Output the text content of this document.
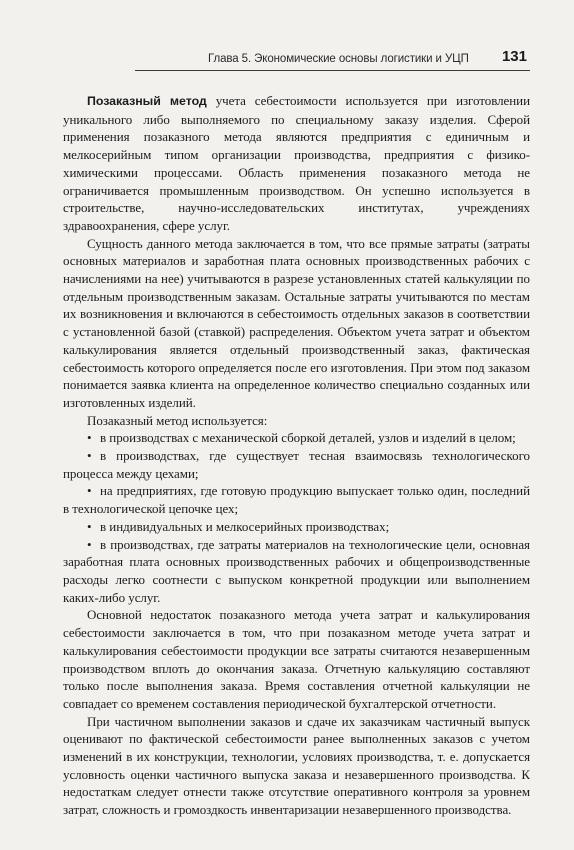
Глава 5. Экономические основы логистики и УЦП 131

Позаказный метод учета себестоимости используется при изготовлении уникального либо выполняемого по специальному заказу изделия. Сферой применения позаказного метода являются предприятия с единичным и мелкосерийным типом организации производства, предприятия с физико-химическими процессами. Область применения позаказного метода не ограничивается промышленным производством. Он успешно используется в строительстве, научно-исследовательских институтах, учреждениях здравоохранения, сфере услуг.

Сущность данного метода заключается в том, что все прямые затраты (затраты основных материалов и заработная плата основных производственных рабочих с начислениями на нее) учитываются в разрезе установленных статей калькуляции по отдельным производственным заказам. Остальные затраты учитываются по местам их возникновения и включаются в себестоимость отдельных заказов в соответствии с установленной базой (ставкой) распределения. Объектом учета затрат и объектом калькулирования является отдельный производственный заказ, фактическая себестоимость которого определяется после его изготовления. При этом под заказом понимается заявка клиента на определенное количество специально созданных или изготовленных изделий.

Позаказный метод используется:

• в производствах с механической сборкой деталей, узлов и изделий в целом;
• в производствах, где существует тесная взаимосвязь технологического процесса между цехами;
• на предприятиях, где готовую продукцию выпускает только один, последний в технологической цепочке цех;
• в индивидуальных и мелкосерийных производствах;
• в производствах, где затраты материалов на технологические цели, основная заработная плата основных производственных рабочих и общепроизводственные расходы легко соотнести с выпуском конкретной продукции или выполнением каких-либо услуг.

Основной недостаток позаказного метода учета затрат и калькулирования себестоимости заключается в том, что при позаказном методе учета затрат и калькулирования себестоимости продукции все затраты считаются незавершенным производством вплоть до окончания заказа. Отчетную калькуляцию составляют только после выполнения заказа. Время составления отчетной калькуляции не совпадает со временем составления периодической бухгалтерской отчетности.

При частичном выполнении заказов и сдаче их заказчикам частичный выпуск оценивают по фактической себестоимости ранее выполненных заказов с учетом изменений в их конструкции, технологии, условиях производства, т. е. допускается условность оценки частичного выпуска заказа и незавершенного производства. К недостаткам следует отнести также отсутствие оперативного контроля за уровнем затрат, сложность и громоздкость инвентаризации незавершенного производства.
